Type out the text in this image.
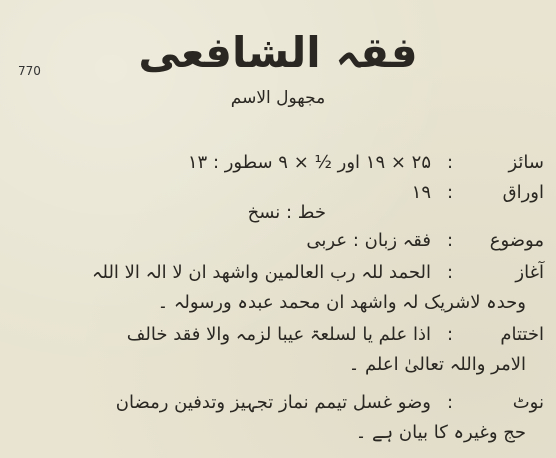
770	فقہ الشافعی
مجھول الاسم
سائز
:
۲۵ × ۱۹ اور ½ × ۹ سطور : ۱۳
اوراق
:
۱۹
خط : نسخ
موضوع
:
فقہ زبان : عربی
آغاز
:
الحمد للہ رب العالمین واشھد ان لا الہ الا اللہ
وحدہ لاشریک لہ واشھد ان محمد عبدہ ورسولہ ۔
اختتام
:
اذا علم یا لسلعۃ عیبا لزمہ والا فقد خالف
الامر واللہ تعالیٰ اعلم ۔
نوٹ
:
وضو غسل تیمم نماز تجہیز وتدفین رمضان
حج وغیرہ کا بیان ہے ۔
